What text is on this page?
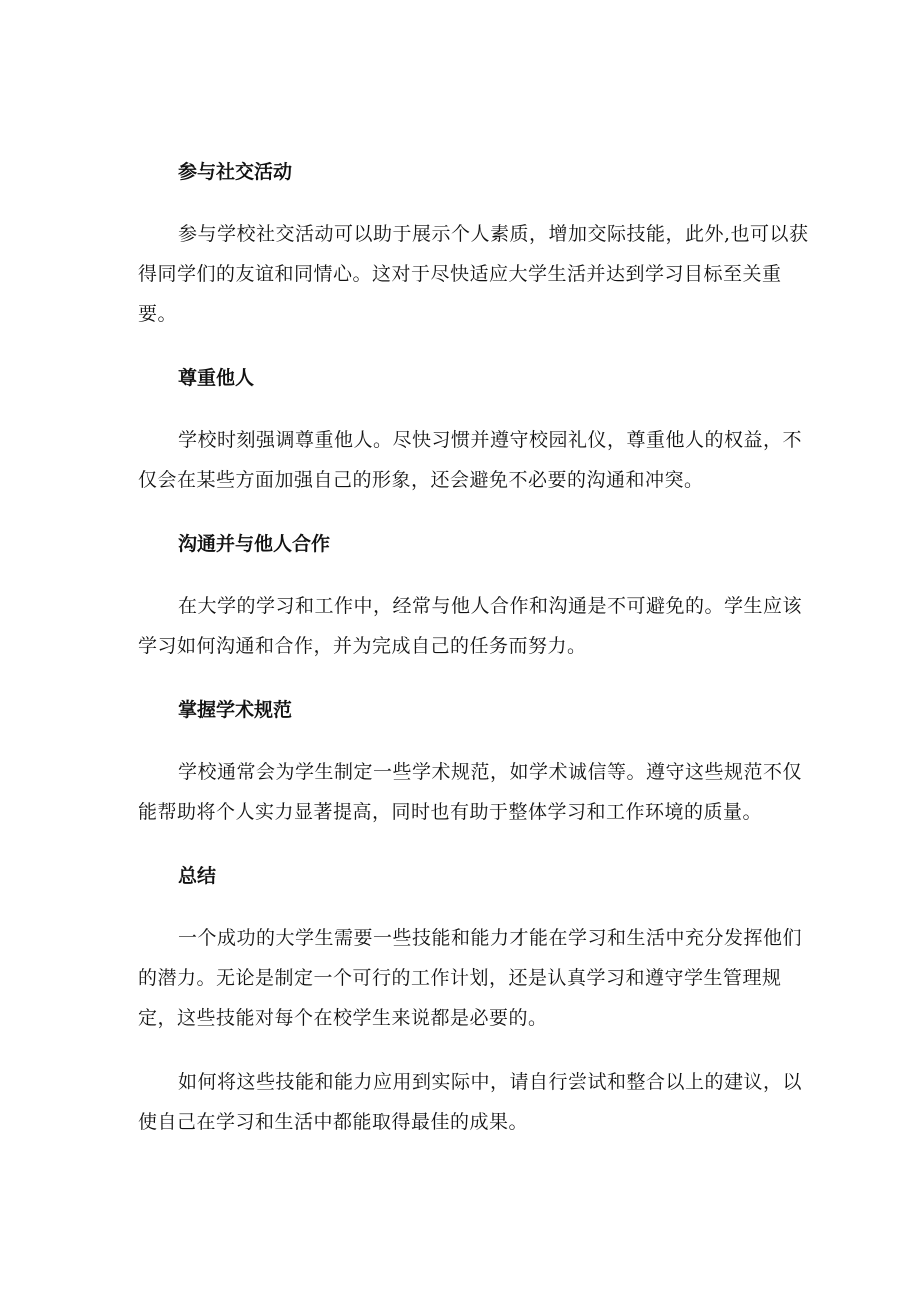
参与社交活动

参与学校社交活动可以助于展示个人素质，增加交际技能，此外,也可以获得同学们的友谊和同情心。这对于尽快适应大学生活并达到学习目标至关重要。

尊重他人

学校时刻强调尊重他人。尽快习惯并遵守校园礼仪，尊重他人的权益，不仅会在某些方面加强自己的形象，还会避免不必要的沟通和冲突。

沟通并与他人合作

在大学的学习和工作中，经常与他人合作和沟通是不可避免的。学生应该学习如何沟通和合作，并为完成自己的任务而努力。

掌握学术规范

学校通常会为学生制定一些学术规范，如学术诚信等。遵守这些规范不仅能帮助将个人实力显著提高，同时也有助于整体学习和工作环境的质量。

总结

一个成功的大学生需要一些技能和能力才能在学习和生活中充分发挥他们的潜力。无论是制定一个可行的工作计划，还是认真学习和遵守学生管理规定，这些技能对每个在校学生来说都是必要的。

如何将这些技能和能力应用到实际中，请自行尝试和整合以上的建议，以使自己在学习和生活中都能取得最佳的成果。
